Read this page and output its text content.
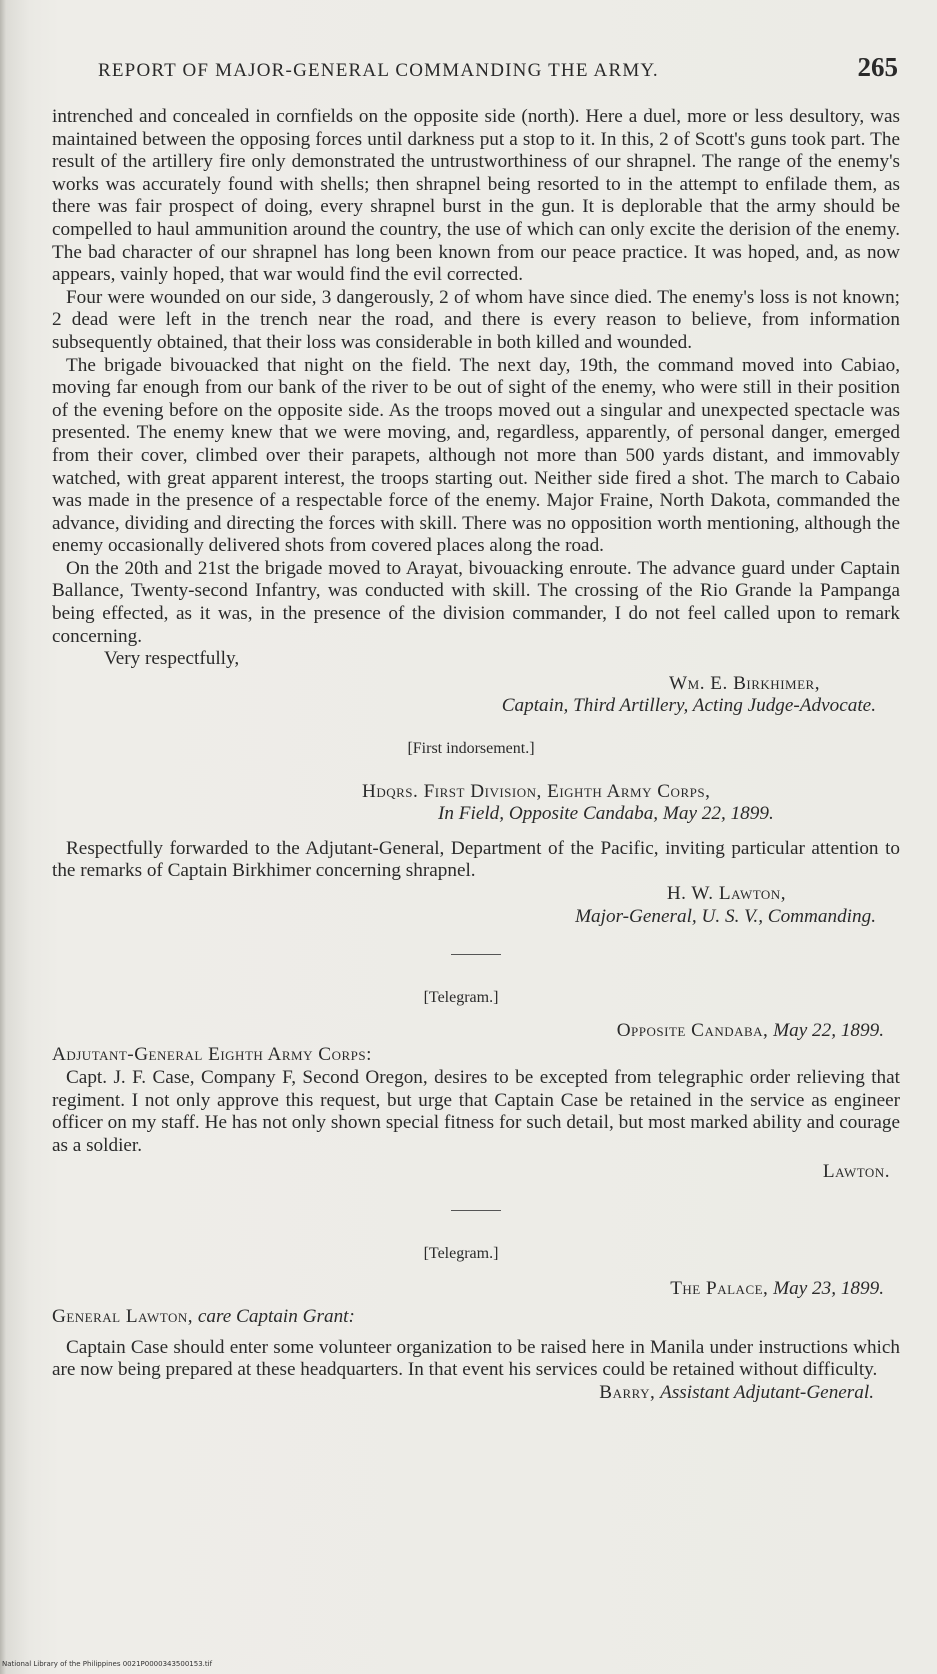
REPORT OF MAJOR-GENERAL COMMANDING THE ARMY.	265

intrenched and concealed in cornfields on the opposite side (north). Here a duel, more or less desultory, was maintained between the opposing forces until darkness put a stop to it. In this, 2 of Scott's guns took part. The result of the artillery fire only demonstrated the untrustworthiness of our shrapnel. The range of the enemy's works was accurately found with shells; then shrapnel being resorted to in the attempt to enfilade them, as there was fair prospect of doing, every shrapnel burst in the gun. It is deplorable that the army should be compelled to haul ammunition around the country, the use of which can only excite the derision of the enemy. The bad character of our shrapnel has long been known from our peace practice. It was hoped, and, as now appears, vainly hoped, that war would find the evil corrected.

Four were wounded on our side, 3 dangerously, 2 of whom have since died. The enemy's loss is not known; 2 dead were left in the trench near the road, and there is every reason to believe, from information subsequently obtained, that their loss was considerable in both killed and wounded.

The brigade bivouacked that night on the field. The next day, 19th, the command moved into Cabiao, moving far enough from our bank of the river to be out of sight of the enemy, who were still in their position of the evening before on the opposite side. As the troops moved out a singular and unexpected spectacle was presented. The enemy knew that we were moving, and, regardless, apparently, of personal danger, emerged from their cover, climbed over their parapets, although not more than 500 yards distant, and immovably watched, with great apparent interest, the troops starting out. Neither side fired a shot. The march to Cabaio was made in the presence of a respectable force of the enemy. Major Fraine, North Dakota, commanded the advance, dividing and directing the forces with skill. There was no opposition worth mentioning, although the enemy occasionally delivered shots from covered places along the road.

On the 20th and 21st the brigade moved to Arayat, bivouacking enroute. The advance guard under Captain Ballance, Twenty-second Infantry, was conducted with skill. The crossing of the Rio Grande la Pampanga being effected, as it was, in the presence of the division commander, I do not feel called upon to remark concerning.

Very respectfully,
Wm. E. Birkhimer,
Captain, Third Artillery, Acting Judge-Advocate.
[First indorsement.]
Hdqrs. First Division, Eighth Army Corps,
In Field, Opposite Candaba, May 22, 1899.

Respectfully forwarded to the Adjutant-General, Department of the Pacific, inviting particular attention to the remarks of Captain Birkhimer concerning shrapnel.

H. W. Lawton,
Major-General, U. S. V., Commanding.
[Telegram.]
Opposite Candaba, May 22, 1899.
Adjutant-General Eighth Army Corps:

Capt. J. F. Case, Company F, Second Oregon, desires to be excepted from telegraphic order relieving that regiment. I not only approve this request, but urge that Captain Case be retained in the service as engineer officer on my staff. He has not only shown special fitness for such detail, but most marked ability and courage as a soldier.

Lawton.
[Telegram.]
The Palace, May 23, 1899.
General Lawton, care Captain Grant:

Captain Case should enter some volunteer organization to be raised here in Manila under instructions which are now being prepared at these headquarters. In that event his services could be retained without difficulty.

Barry, Assistant Adjutant-General.
National Library of the Philippines 0021P0000343500153.tif
